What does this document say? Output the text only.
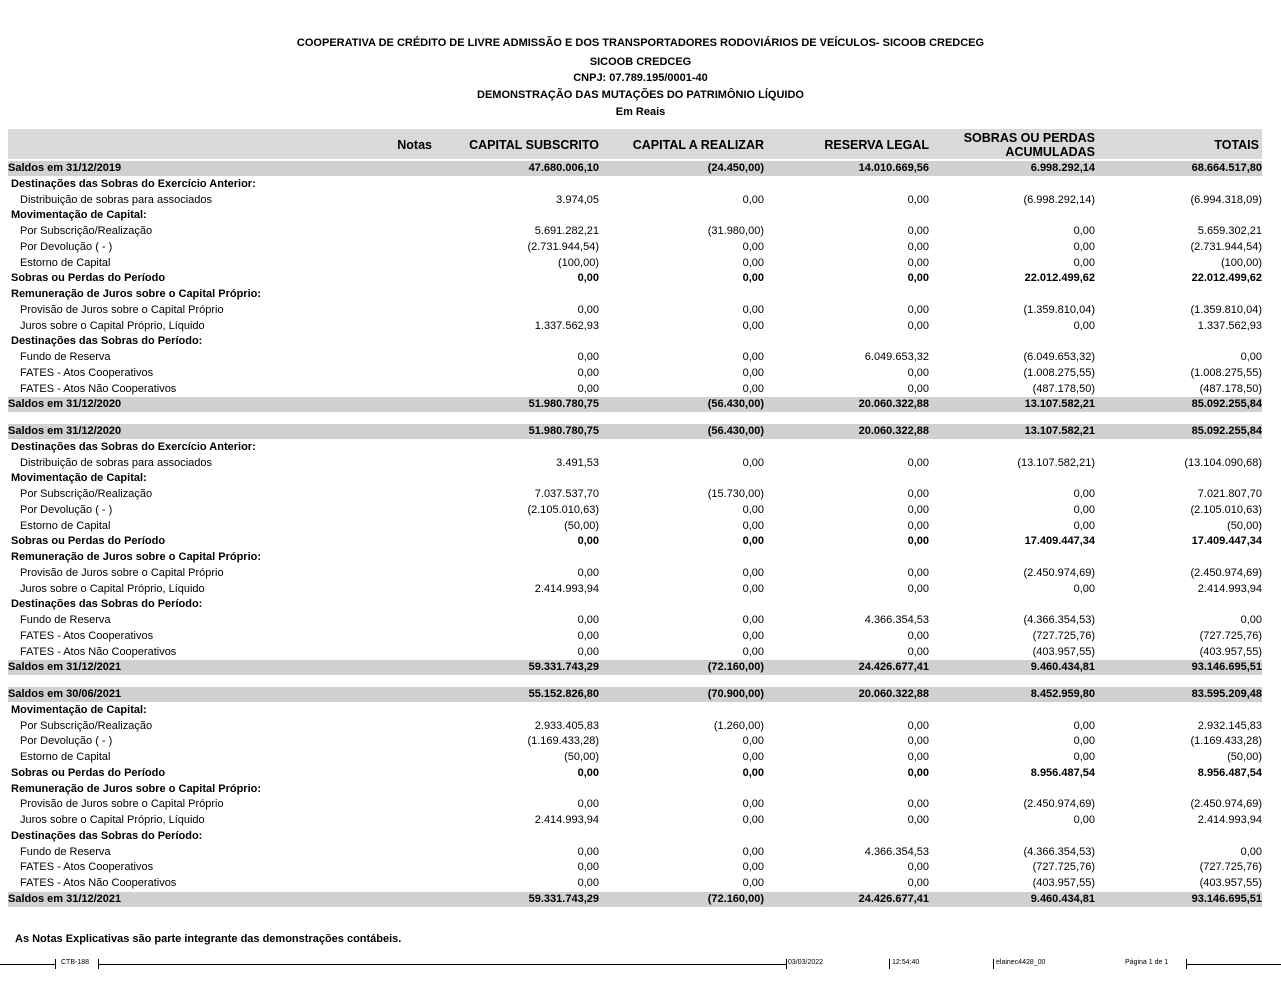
COOPERATIVA DE CRÉDITO DE LIVRE ADMISSÃO E DOS TRANSPORTADORES RODOVIÁRIOS DE VEÍCULOS- SICOOB CREDCEG
SICOOB CREDCEG
CNPJ: 07.789.195/0001-40
DEMONSTRAÇÃO DAS MUTAÇÕES DO PATRIMÔNIO LÍQUIDO
Em Reais
Notas	CAPITAL SUBSCRITO	CAPITAL A REALIZAR	RESERVA LEGAL	SOBRAS OU PERDAS
ACUMULADAS	TOTAIS
Saldos em 31/12/2019	47.680.006,10	(24.450,00)	14.010.669,56	6.998.292,14	68.664.517,80
Destinações das Sobras do Exercício Anterior:
Distribuição de sobras para associados	3.974,05	0,00	0,00	(6.998.292,14)	(6.994.318,09)
Movimentação de Capital:
Por Subscrição/Realização	5.691.282,21	(31.980,00)	0,00	0,00	5.659.302,21
Por Devolução ( - )	(2.731.944,54)	0,00	0,00	0,00	(2.731.944,54)
Estorno de Capital	(100,00)	0,00	0,00	0,00	(100,00)
Sobras ou Perdas do Período	0,00	0,00	0,00	22.012.499,62	22.012.499,62
Remuneração de Juros sobre o Capital Próprio:
Provisão de Juros sobre o Capital Próprio	0,00	0,00	0,00	(1.359.810,04)	(1.359.810,04)
Juros sobre o Capital Próprio, Líquido	1.337.562,93	0,00	0,00	0,00	1.337.562,93
Destinações das Sobras do Período:
Fundo de Reserva	0,00	0,00	6.049.653,32	(6.049.653,32)	0,00
FATES - Atos Cooperativos	0,00	0,00	0,00	(1.008.275,55)	(1.008.275,55)
FATES - Atos Não Cooperativos	0,00	0,00	0,00	(487.178,50)	(487.178,50)
Saldos em 31/12/2020	51.980.780,75	(56.430,00)	20.060.322,88	13.107.582,21	85.092.255,84
Saldos em 31/12/2020	51.980.780,75	(56.430,00)	20.060.322,88	13.107.582,21	85.092.255,84
Destinações das Sobras do Exercício Anterior:
Distribuição de sobras para associados	3.491,53	0,00	0,00	(13.107.582,21)	(13.104.090,68)
Movimentação de Capital:
Por Subscrição/Realização	7.037.537,70	(15.730,00)	0,00	0,00	7.021.807,70
Por Devolução ( - )	(2.105.010,63)	0,00	0,00	0,00	(2.105.010,63)
Estorno de Capital	(50,00)	0,00	0,00	0,00	(50,00)
Sobras ou Perdas do Período	0,00	0,00	0,00	17.409.447,34	17.409.447,34
Remuneração de Juros sobre o Capital Próprio:
Provisão de Juros sobre o Capital Próprio	0,00	0,00	0,00	(2.450.974,69)	(2.450.974,69)
Juros sobre o Capital Próprio, Líquido	2.414.993,94	0,00	0,00	0,00	2.414.993,94
Destinações das Sobras do Período:
Fundo de Reserva	0,00	0,00	4.366.354,53	(4.366.354,53)	0,00
FATES - Atos Cooperativos	0,00	0,00	0,00	(727.725,76)	(727.725,76)
FATES - Atos Não Cooperativos	0,00	0,00	0,00	(403.957,55)	(403.957,55)
Saldos em 31/12/2021	59.331.743,29	(72.160,00)	24.426.677,41	9.460.434,81	93.146.695,51
Saldos em 30/06/2021	55.152.826,80	(70.900,00)	20.060.322,88	8.452.959,80	83.595.209,48
Movimentação de Capital:
Por Subscrição/Realização	2.933.405,83	(1.260,00)	0,00	0,00	2.932.145,83
Por Devolução ( - )	(1.169.433,28)	0,00	0,00	0,00	(1.169.433,28)
Estorno de Capital	(50,00)	0,00	0,00	0,00	(50,00)
Sobras ou Perdas do Período	0,00	0,00	0,00	8.956.487,54	8.956.487,54
Remuneração de Juros sobre o Capital Próprio:
Provisão de Juros sobre o Capital Próprio	0,00	0,00	0,00	(2.450.974,69)	(2.450.974,69)
Juros sobre o Capital Próprio, Líquido	2.414.993,94	0,00	0,00	0,00	2.414.993,94
Destinações das Sobras do Período:
Fundo de Reserva	0,00	0,00	4.366.354,53	(4.366.354,53)	0,00
FATES - Atos Cooperativos	0,00	0,00	0,00	(727.725,76)	(727.725,76)
FATES - Atos Não Cooperativos	0,00	0,00	0,00	(403.957,55)	(403.957,55)
Saldos em 31/12/2021	59.331.743,29	(72.160,00)	24.426.677,41	9.460.434,81	93.146.695,51
As Notas Explicativas são parte integrante das demonstrações contábeis.
CTB-188	03/03/2022	12:54:40	elainec4428_00	Página 1 de 1
